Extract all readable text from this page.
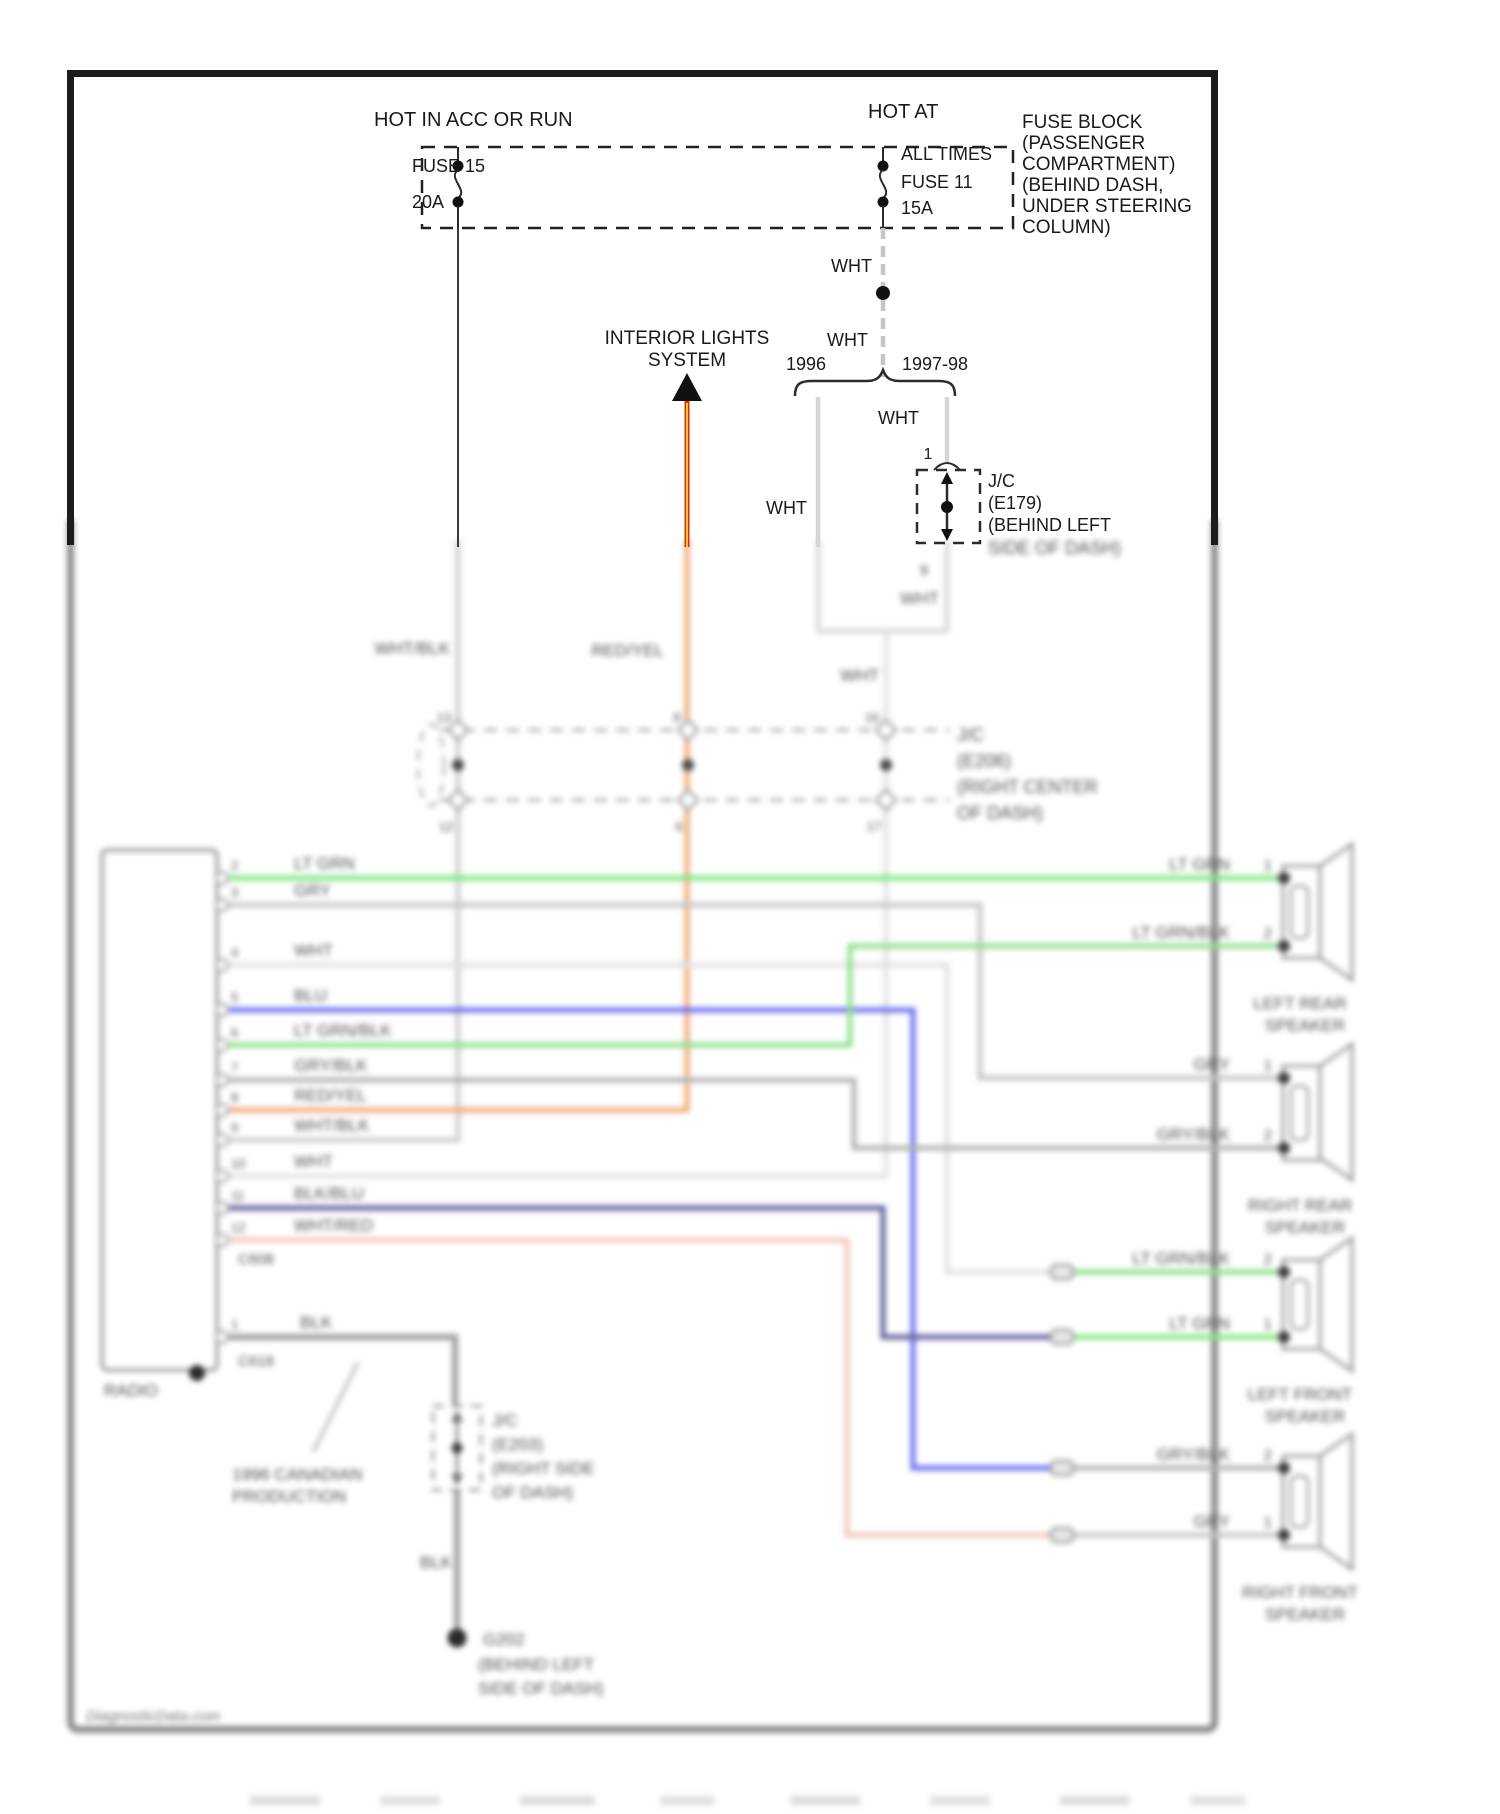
WHT/BLK	RED/YEL
WHT
9
WHT
SIDE OF DASH)
13	8	16
12	6	17
J/C
(E206)
(RIGHT CENTER
OF DASH)
RADIO
2
3
4
5
6
7
8
9
10
11
12
1
LT GRN
GRY
WHT
BLU
LT GRN/BLK
GRY/BLK
RED/YEL
WHT/BLK
WHT
BLK/BLU
WHT/RED
BLK
C608
C618
1996 CANADIAN
PRODUCTION
J/C
(E203)
(RIGHT SIDE
OF DASH)
BLK
G202
(BEHIND LEFT
SIDE OF DASH)
1
2
LT GRN
LT GRN/BLK
LEFT REAR
SPEAKER
1
2
GRY
GRY/BLK
RIGHT REAR
SPEAKER
2
1
LT GRN/BLK
LT GRN
LEFT FRONT
SPEAKER
2
1
GRY/BLK
GRY
RIGHT FRONT
SPEAKER
DiagnosticData.com
HOT IN ACC OR RUN	HOT AT
FUSE 15
20A
ALL TIMES
FUSE 11
15A
FUSE BLOCK
(PASSENGER
COMPARTMENT)
(BEHIND DASH,
UNDER STEERING
COLUMN)
WHT
WHT
1996	1997-98
WHT
WHT
INTERIOR LIGHTS
SYSTEM
1
J/C
(E179)
(BEHIND LEFT
